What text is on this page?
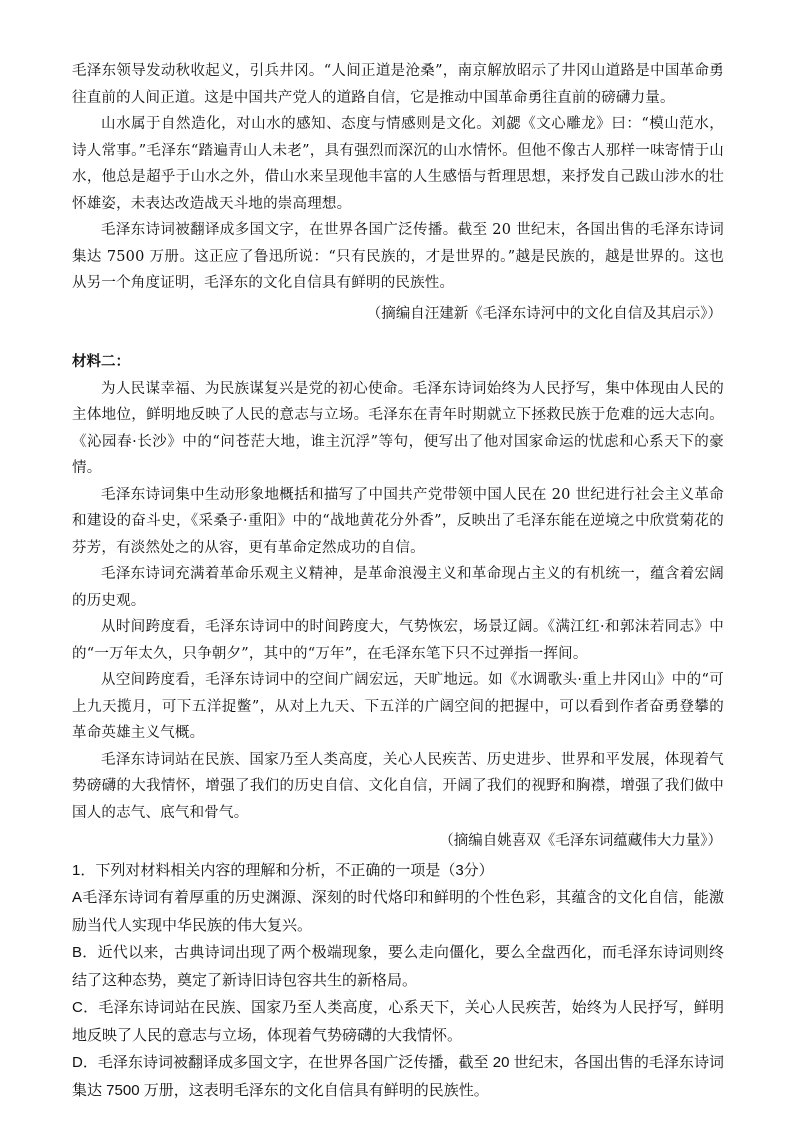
毛泽东领导发动秋收起义，引兵井冈。“人间正道是沧桑”，南京解放昭示了井冈山道路是中国革命勇往直前的人间正道。这是中国共产党人的道路自信，它是推动中国革命勇往直前的磅礴力量。

山水属于自然造化，对山水的感知、态度与情感则是文化。刘勰《文心雕龙》曰：“模山范水，诗人常事。”毛泽东“踏遍青山人未老”，具有强烈而深沉的山水情怀。但他不像古人那样一味寄情于山水，他总是超乎于山水之外，借山水来呈现他丰富的人生感悟与哲理思想，来抒发自己跋山涉水的壮怀雄姿，未表达改造战天斗地的崇高理想。

毛泽东诗词被翻译成多国文字，在世界各国广泛传播。截至 20 世纪末，各国出售的毛泽东诗词集达 7500 万册。这正应了鲁迅所说：“只有民族的，才是世界的。”越是民族的，越是世界的。这也从另一个角度证明，毛泽东的文化自信具有鲜明的民族性。

（摘编自汪建新《毛泽东诗河中的文化自信及其启示》）

材料二：

为人民谋幸福、为民族谋复兴是党的初心使命。毛泽东诗词始终为人民抒写，集中体现由人民的主体地位，鲜明地反映了人民的意志与立场。毛泽东在青年时期就立下拯救民族于危难的远大志向。《沁园春·长沙》中的“问苍茫大地，谁主沉浮”等句，便写出了他对国家命运的忧虑和心系天下的豪情。

毛泽东诗词集中生动形象地概括和描写了中国共产党带领中国人民在 20 世纪进行社会主义革命和建设的奋斗史，《采桑子·重阳》中的“战地黄花分外香”，反映出了毛泽东能在逆境之中欣赏菊花的芬芳，有淡然处之的从容，更有革命定然成功的自信。

毛泽东诗词充满着革命乐观主义精神，是革命浪漫主义和革命现占主义的有机统一，蕴含着宏阔的历史观。

从时间跨度看，毛泽东诗词中的时间跨度大，气势恢宏，场景辽阔。《满江红·和郭沫若同志》中的“一万年太久，只争朝夕”，其中的“万年”，在毛泽东笔下只不过弹指一挥间。

从空间跨度看，毛泽东诗词中的空间广阔宏远，天旷地远。如《水调歌头·重上井冈山》中的“可上九天揽月，可下五洋捉鳖”，从对上九天、下五洋的广阔空间的把握中，可以看到作者奋勇登攀的革命英雄主义气概。

毛泽东诗词站在民族、国家乃至人类高度，关心人民疾苦、历史进步、世界和平发展，体现着气势磅礴的大我情怀，增强了我们的历史自信、文化自信，开阔了我们的视野和胸襟，增强了我们做中国人的志气、底气和骨气。

（摘编自姚喜双《毛泽东词蕴藏伟大力量》）

1．下列对材料相关内容的理解和分析，不正确的一项是（3分）

A毛泽东诗词有着厚重的历史渊源、深刻的时代烙印和鲜明的个性色彩，其蕴含的文化自信，能激励当代人实现中华民族的伟大复兴。

B．近代以来，古典诗词出现了两个极端现象，要么走向僵化，要么全盘西化，而毛泽东诗词则终结了这种态势，奠定了新诗旧诗包容共生的新格局。

C．毛泽东诗词站在民族、国家乃至人类高度，心系天下，关心人民疾苦，始终为人民抒写，鲜明地反映了人民的意志与立场，体现着气势磅礴的大我情怀。

D．毛泽东诗词被翻译成多国文字，在世界各国广泛传播，截至 20 世纪末，各国出售的毛泽东诗词集达 7500 万册，这表明毛泽东的文化自信具有鲜明的民族性。
